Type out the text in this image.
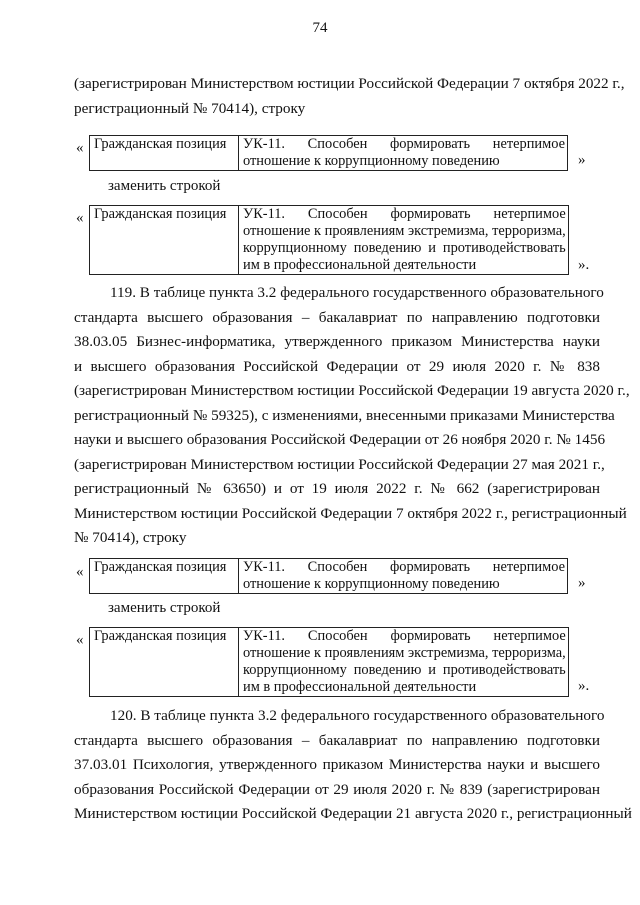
74
(зарегистрирован Министерством юстиции Российской Федерации 7 октября 2022 г.,
регистрационный № 70414), строку
« Гражданская позиция	УК-11. Способен формировать нетерпимое
отношение к коррупционному поведению	»
заменить строкой
« Гражданская позиция	УК-11. Способен формировать нетерпимое
отношение к проявлениям экстремизма, терроризма,
коррупционному поведению и противодействовать
им в профессиональной деятельности	».
119. В таблице пункта 3.2 федерального государственного образовательного
стандарта высшего образования – бакалавриат по направлению подготовки
38.03.05 Бизнес-информатика, утвержденного приказом Министерства науки
и высшего образования Российской Федерации от 29 июля 2020 г. № 838
(зарегистрирован Министерством юстиции Российской Федерации 19 августа 2020 г.,
регистрационный № 59325), с изменениями, внесенными приказами Министерства
науки и высшего образования Российской Федерации от 26 ноября 2020 г. № 1456
(зарегистрирован Министерством юстиции Российской Федерации 27 мая 2021 г.,
регистрационный № 63650) и от 19 июля 2022 г. № 662 (зарегистрирован
Министерством юстиции Российской Федерации 7 октября 2022 г., регистрационный
№ 70414), строку
« Гражданская позиция	УК-11. Способен формировать нетерпимое
отношение к коррупционному поведению	»
заменить строкой
« Гражданская позиция	УК-11. Способен формировать нетерпимое
отношение к проявлениям экстремизма, терроризма,
коррупционному поведению и противодействовать
им в профессиональной деятельности	».
120. В таблице пункта 3.2 федерального государственного образовательного
стандарта высшего образования – бакалавриат по направлению подготовки
37.03.01 Психология, утвержденного приказом Министерства науки и высшего
образования Российской Федерации от 29 июля 2020 г. № 839 (зарегистрирован
Министерством юстиции Российской Федерации 21 августа 2020 г., регистрационный
